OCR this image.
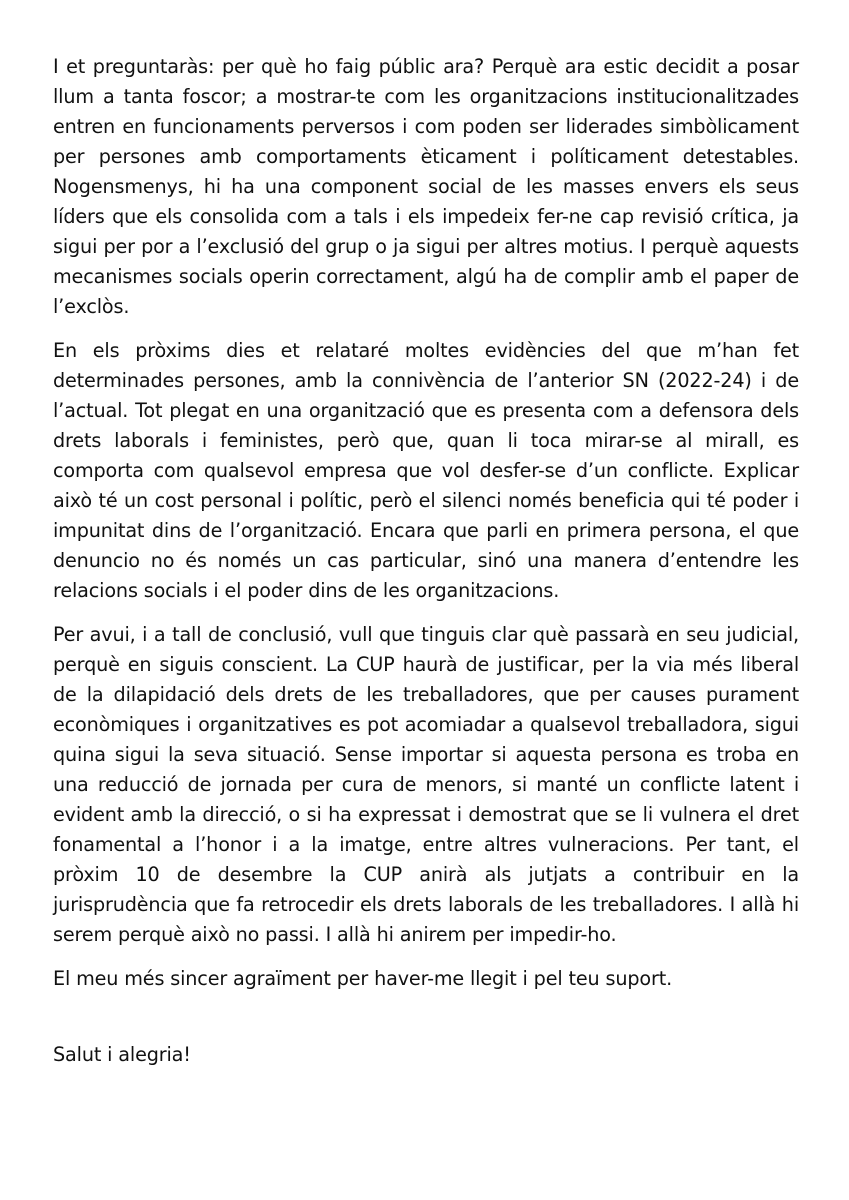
I et preguntaràs: per què ho faig públic ara? Perquè ara estic decidit a posar llum a tanta foscor; a mostrar-te com les organitzacions institucionalitzades entren en funcionaments perversos i com poden ser liderades simbòlicament per persones amb comportaments èticament i políticament detestables. Nogensmenys, hi ha una component social de les masses envers els seus líders que els consolida com a tals i els impedeix fer-ne cap revisió crítica, ja sigui per por a l’exclusió del grup o ja sigui per altres motius. I perquè aquests mecanismes socials operin correctament, algú ha de complir amb el paper de l’exclòs.

En els pròxims dies et relataré moltes evidències del que m’han fet determinades persones, amb la connivència de l’anterior SN (2022-24) i de l’actual. Tot plegat en una organització que es presenta com a defensora dels drets laborals i feministes, però que, quan li toca mirar-se al mirall, es comporta com qualsevol empresa que vol desfer-se d’un conflicte. Explicar això té un cost personal i polític, però el silenci només beneficia qui té poder i impunitat dins de l’organització. Encara que parli en primera persona, el que denuncio no és només un cas particular, sinó una manera d’entendre les relacions socials i el poder dins de les organitzacions.

Per avui, i a tall de conclusió, vull que tinguis clar què passarà en seu judicial, perquè en siguis conscient. La CUP haurà de justificar, per la via més liberal de la dilapidació dels drets de les treballadores, que per causes purament econòmiques i organitzatives es pot acomiadar a qualsevol treballadora, sigui quina sigui la seva situació. Sense importar si aquesta persona es troba en una reducció de jornada per cura de menors, si manté un conflicte latent i evident amb la direcció, o si ha expressat i demostrat que se li vulnera el dret fonamental a l’honor i a la imatge, entre altres vulneracions. Per tant, el pròxim 10 de desembre la CUP anirà als jutjats a contribuir en la jurisprudència que fa retrocedir els drets laborals de les treballadores. I allà hi serem perquè això no passi. I allà hi anirem per impedir-ho.

El meu més sincer agraïment per haver-me llegit i pel teu suport.

Salut i alegria!
